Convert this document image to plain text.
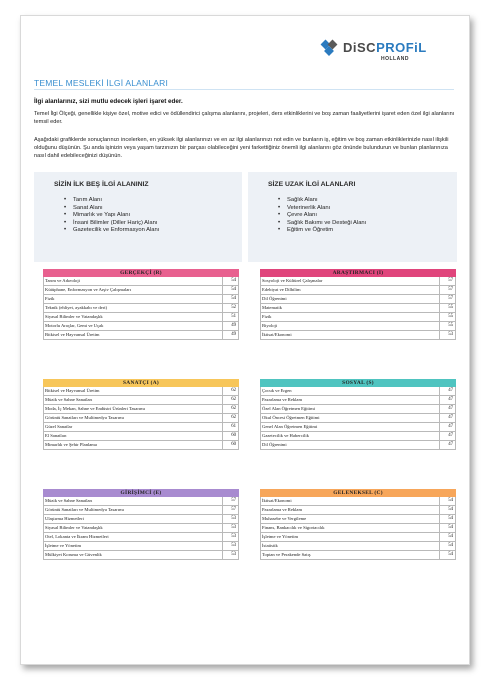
DiSCPROFiL
HOLLAND
TEMEL MESLEKİ İLGİ ALANLARI
İlgi alanlarınız, sizi mutlu edecek işleri işaret eder.
Temel İlgi Ölçeği, genellikle kişiye özel, motive edici ve ödüllendirici çalışma alanlarını, projeleri, ders etkinliklerini ve boş zaman faaliyetlerini işaret eden özel ilgi alanlarını temsil eder.
Aşağıdaki grafiklerde sonuçlarınızı incelerken, en yüksek ilgi alanlarınızı ve en az ilgi alanlarınızı not edin ve bunların iş, eğitim ve boş zaman etkinliklerinizle nasıl ilişkili olduğunu düşünün. Şu anda işinizin veya yaşam tarzınızın bir parçası olabileceğini yeni farkettiğiniz önemli ilgi alanlarını göz önünde bulundurun ve bunları planlarınıza nasıl dahil edebileceğinizi düşünün.
SİZİN İLK BEŞ İLGİ ALANINIZ
• Tarım Alanı
• Sanat Alanı
• Mimarlık ve Yapı Alanı
• İnsani Bilimler (Diller Hariç) Alanı
• Gazetecilik ve Enformasyon Alanı
SİZE UZAK İLGİ ALANLARI
• Sağlık Alanı
• Veterinerlik Alanı
• Çevre Alanı
• Sağlık Bakımı ve Desteği Alanı
• Eğitim ve Öğretim
GERÇEKÇİ (R)
Tarım ve Arkeoloji	54
Kütüphane, Enformasyon ve Arşiv Çalışmaları	54
Fizik	54
Teknik (ehliyet, ayakkabı ve deri)	52
Siyasal Bilimler ve Vatandaşlık	51
Motorlu Araçlar, Gemi ve Uçak	49
Bitkisel ve Hayvansal Üretim	49
ARAŞTIRMACI (I)
Sosyoloji ve Kültürel Çalışmalar	57
Edebiyat ve Dilbilim	57
Dil Öğrenimi	57
Matematik	55
Fizik	55
Biyoloji	55
İktisat/Ekonomi	53
SANATÇI (A)
Bitkisel ve Hayvansal Üretim	62
Müzik ve Sahne Sanatları	62
Moda, İç Mekan, Sahne ve Endüstri Ürünleri Tasarımı	62
Görüntü Sanatları ve Multimedya Tasarımı	62
Güzel Sanatlar	61
El Sanatları	60
Mimarlık ve Şehir Planlama	60
SOSYAL (S)
Çocuk ve Ergen	47
Pazarlama ve Reklam	47
Özel Alan Öğretmen Eğitimi	47
Okul Öncesi Öğretmen Eğitimi	47
Genel Alan Öğretmen Eğitimi	47
Gazetecilik ve Habercilik	47
Dil Öğrenimi	47
GİRİŞİMCİ (E)
Müzik ve Sahne Sanatları	57
Görüntü Sanatları ve Multimedya Tasarımı	57
Ulaştırma Hizmetleri	53
Siyasal Bilimler ve Vatandaşlık	53
Otel, Lokanta ve İkram Hizmetleri	53
İşletme ve Yönetim	53
Mülkiyet Koruma ve Güvenlik	53
GELENEKSEL (C)
İktisat/Ekonomi	54
Pazarlama ve Reklam	54
Muhasebe ve Vergileme	54
Finans, Bankacılık ve Sigortacılık	54
İşletme ve Yönetim	54
İstatistik	54
Toptan ve Perakende Satış	54
